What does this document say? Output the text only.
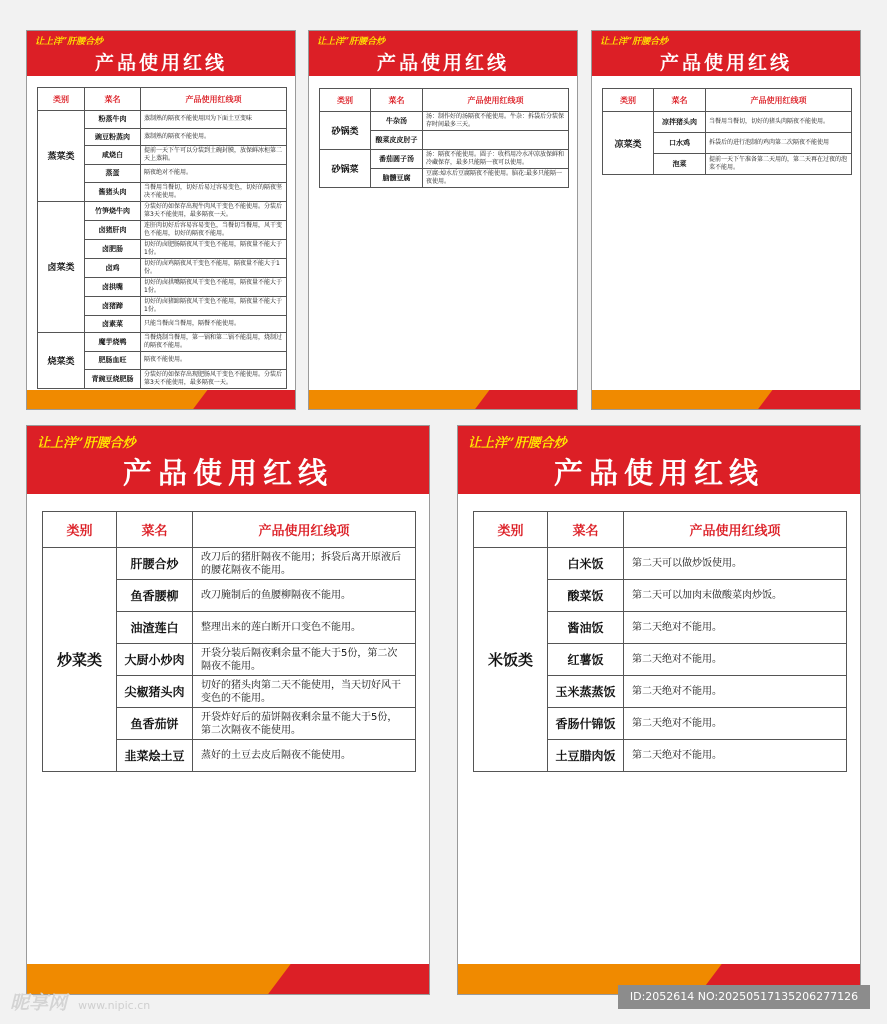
让上洋”肝腰合炒
产品使用红线
类别	菜名	产品使用红线项
蒸菜类	粉蒸牛肉	蒸制熟的隔夜不能使用因为下面土豆变味
	豌豆粉蒸肉	蒸制熟的隔夜不能使用。
	咸烧白	提前一天下午可以分装到土碗封膜，放保鲜冰柜第二天上蒸箱。
	蒸蛋	隔夜绝对不能用。
	酱猪头肉	当餐用当餐切，切好后易过容易变色，切好的隔夜坚决不能使用。
卤菜类	竹笋烧牛肉	分装好的如保存出现牛肉风干变色不能使用。分装后第3天不能使用，最多隔夜一天。
	卤猪肝肉	连肝肉切好后容易容易变色，当餐切当餐用，风干变色不能用，切好的隔夜不能用。
	卤肥肠	切好的卤肥肠隔夜风干变色不能用，隔夜量不能大于1份。
	卤鸡	切好的卤鸡隔夜风干变色不能用，隔夜量不能大于1份。
	卤拱嘴	切好的卤拱嘴隔夜风干变色不能用，隔夜量不能大于1份。
	卤猪蹄	切好的卤猪蹄隔夜风干变色不能用，隔夜量不能大于1份。
	卤素菜	只能当餐卤当餐用，隔餐不能使用。
烧菜类	魔芋烧鸭	当餐烧制当餐用，第一锅和第二锅不能混用，烧制过的隔夜不能用。
	肥肠血旺	隔夜不能使用。
	青豌豆烧肥肠	分装好的如保存出现肥肠风干变色不能使用。分装后第3天不能使用，最多隔夜一天。
让上洋”肝腰合炒
产品使用红线
类别	菜名	产品使用红线项
砂锅类	牛杂汤	汤：制作好的汤隔夜不能使用。牛杂：拆袋后分装保存时间最多三天。
	酸菜皮皮肘子	
砂锅菜	番茄圆子汤	汤：隔夜不能使用。圆子：收档用冷水冲凉放保鲜和冷藏保存，最多只能隔一夜可以使用。
	脑髓豆腐	豆腐:焯水后豆腐隔夜不能使用。脑花:最多只能隔一夜使用。
让上洋”肝腰合炒
产品使用红线
类别	菜名	产品使用红线项
凉菜类	凉拌猪头肉	当餐用当餐切，切好的猪头肉隔夜不能使用。
	口水鸡	拆袋后的进行泡制的鸡肉第二次隔夜不能使用
	泡菜	提前一天下午准备第二天用的，第二天再在过夜的泡菜不能用。
让上洋”肝腰合炒
产品使用红线
类别	菜名	产品使用红线项
炒菜类	肝腰合炒	改刀后的猪肝隔夜不能用；拆袋后离开原液后的腰花隔夜不能用。
	鱼香腰柳	改刀腌制后的鱼腰柳隔夜不能用。
	油渣莲白	整理出来的莲白断开口变色不能用。
	大厨小炒肉	开袋分装后隔夜剩余量不能大于5份，第二次隔夜不能用。
	尖椒猪头肉	切好的猪头肉第二天不能使用，当天切好风干变色的不能用。
	鱼香茄饼	开袋炸好后的茄饼隔夜剩余量不能大于5份，第二次隔夜不能使用。
	韭菜烩土豆	蒸好的土豆去皮后隔夜不能使用。
让上洋”肝腰合炒
产品使用红线
类别	菜名	产品使用红线项
米饭类	白米饭	第二天可以做炒饭使用。
	酸菜饭	第二天可以加肉末做酸菜肉炒饭。
	酱油饭	第二天绝对不能用。
	红薯饭	第二天绝对不能用。
	玉米蒸蒸饭	第二天绝对不能用。
	香肠什锦饭	第二天绝对不能用。
	土豆腊肉饭	第二天绝对不能用。
昵享网 www.nipic.cn
ID:2052614 NO:20250517135206277126
